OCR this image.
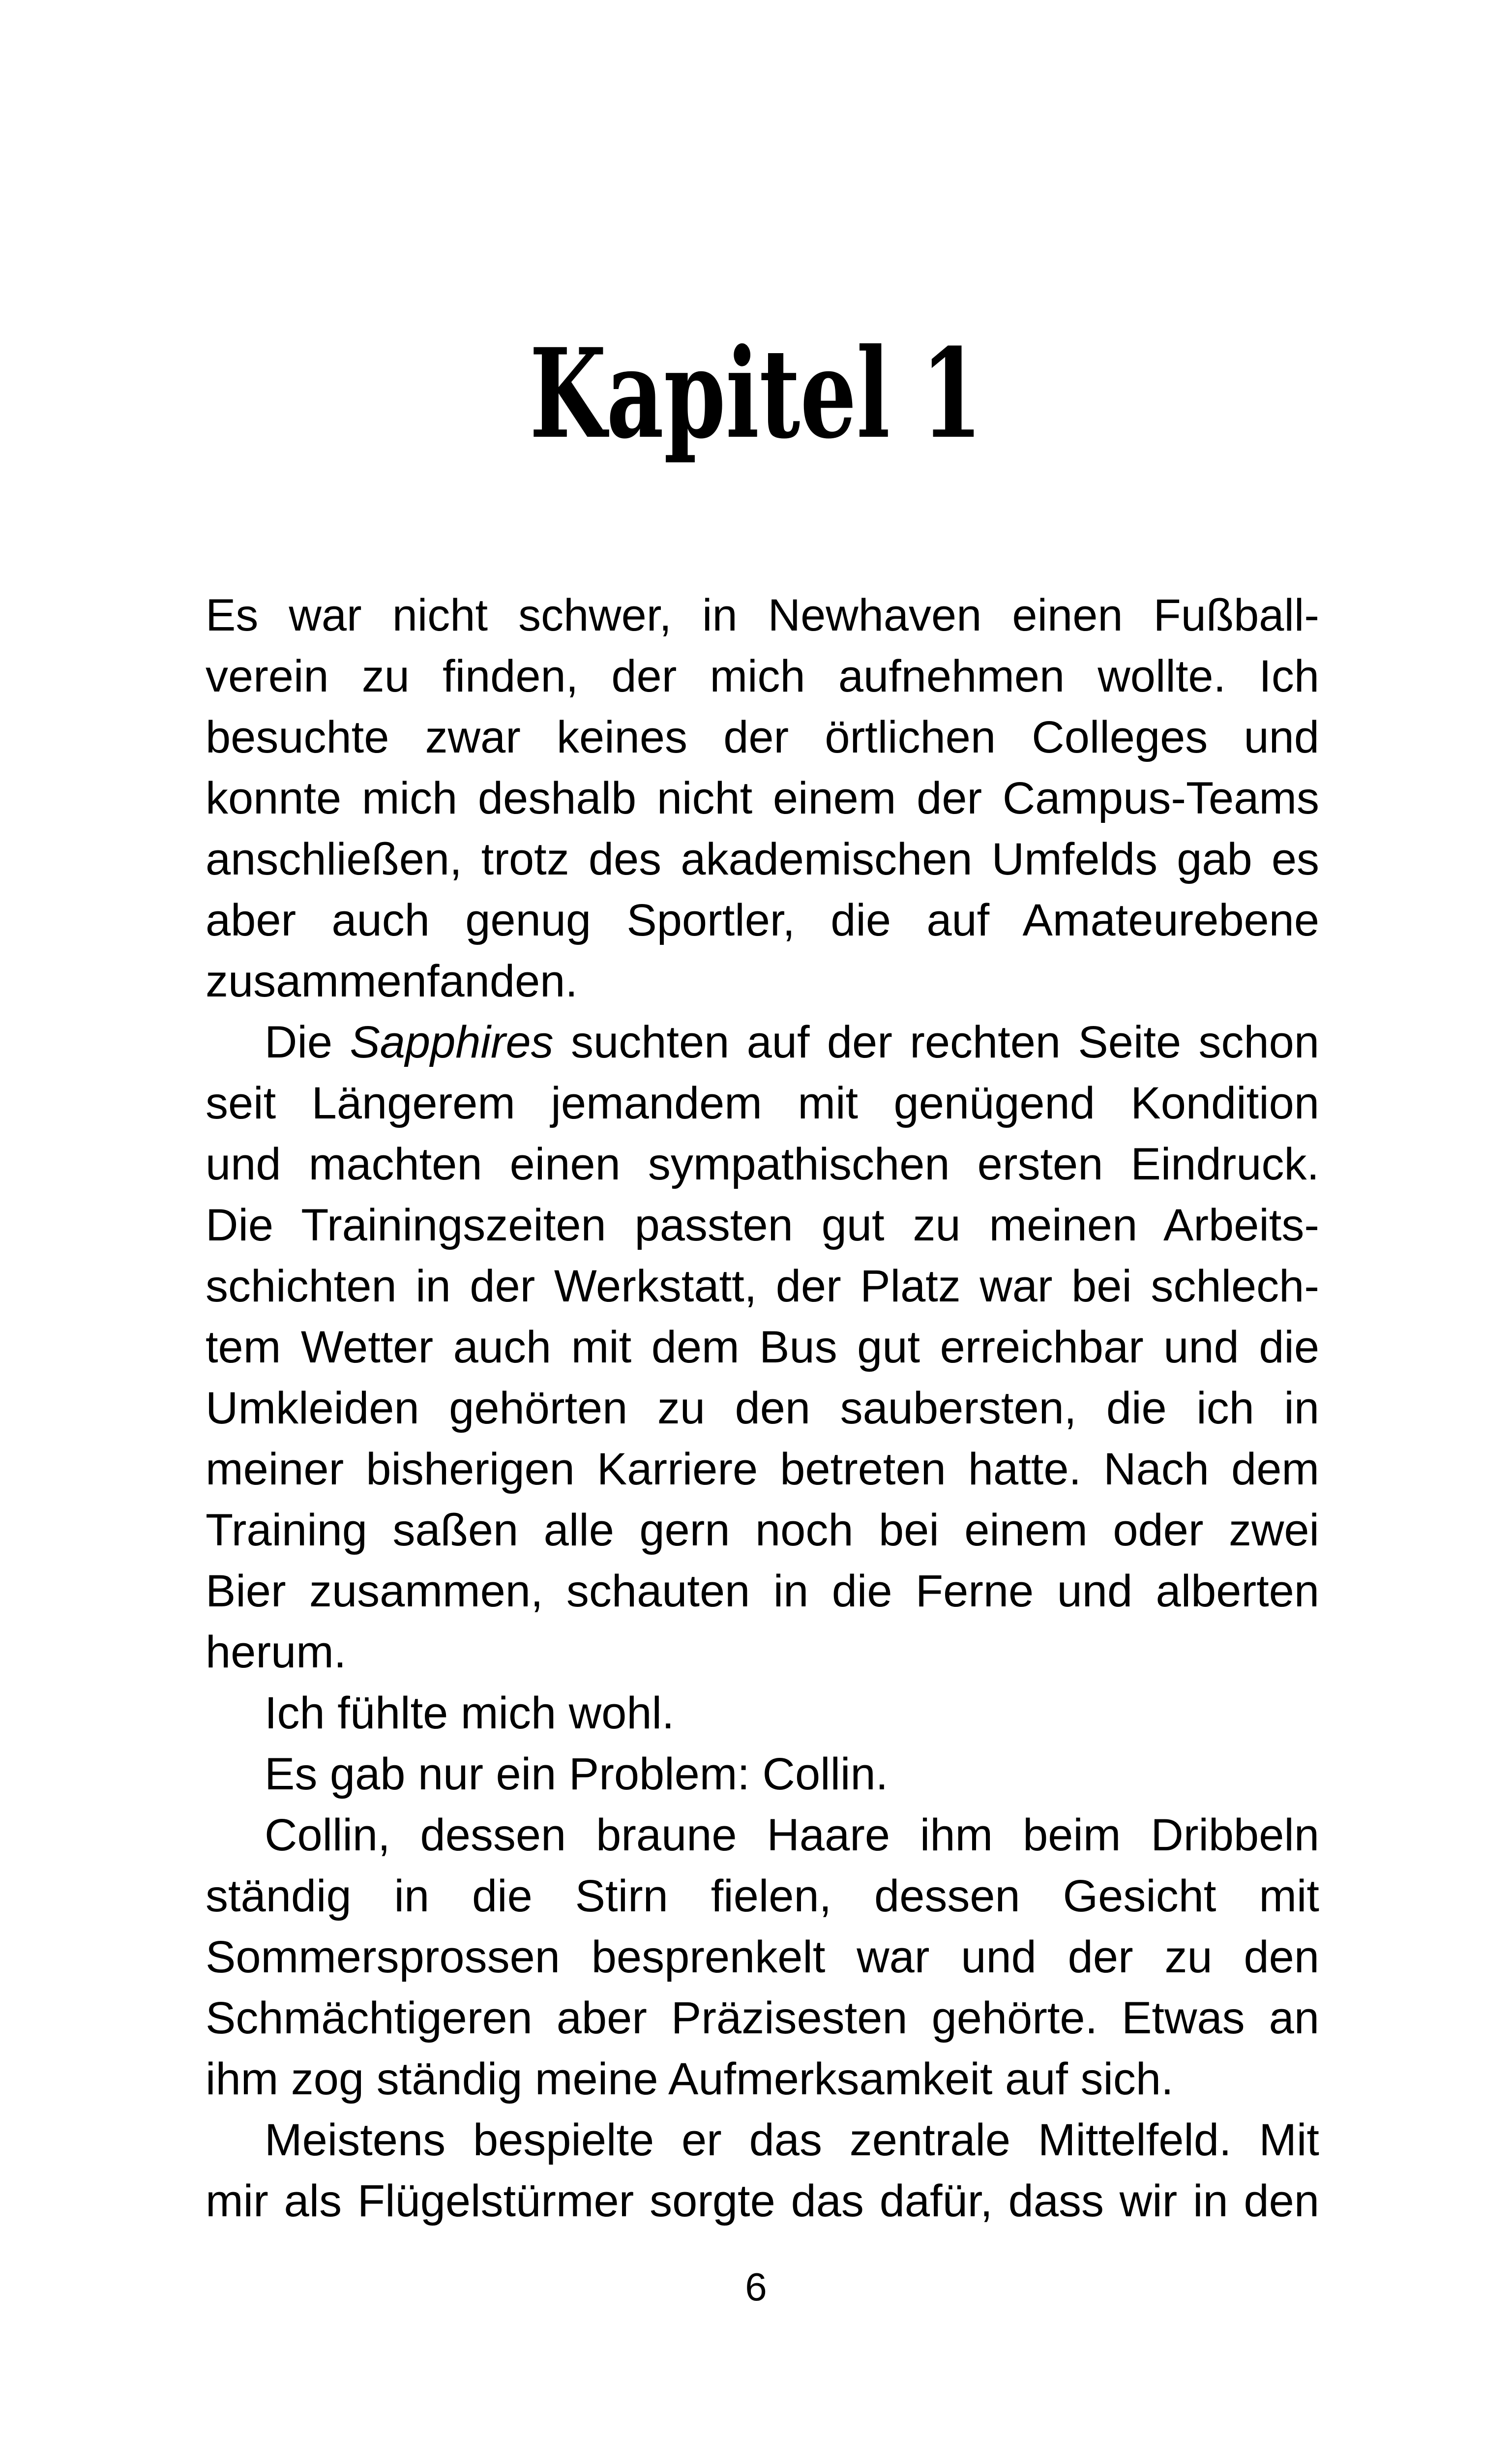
Kapitel 1
Es war nicht schwer, in Newhaven einen Fußball-
verein zu finden, der mich aufnehmen wollte. Ich
besuchte zwar keines der örtlichen Colleges und
konnte mich deshalb nicht einem der Campus-Teams
anschließen, trotz des akademischen Umfelds gab es
aber auch genug Sportler, die auf Amateurebene
zusammenfanden.
Die Sapphires suchten auf der rechten Seite schon
seit Längerem jemandem mit genügend Kondition
und machten einen sympathischen ersten Eindruck.
Die Trainingszeiten passten gut zu meinen Arbeits-
schichten in der Werkstatt, der Platz war bei schlech-
tem Wetter auch mit dem Bus gut erreichbar und die
Umkleiden gehörten zu den saubersten, die ich in
meiner bisherigen Karriere betreten hatte. Nach dem
Training saßen alle gern noch bei einem oder zwei
Bier zusammen, schauten in die Ferne und alberten
herum.
Ich fühlte mich wohl.
Es gab nur ein Problem: Collin.
Collin, dessen braune Haare ihm beim Dribbeln
ständig in die Stirn fielen, dessen Gesicht mit
Sommersprossen besprenkelt war und der zu den
Schmächtigeren aber Präzisesten gehörte. Etwas an
ihm zog ständig meine Aufmerksamkeit auf sich.
Meistens bespielte er das zentrale Mittelfeld. Mit
mir als Flügelstürmer sorgte das dafür, dass wir in den
6
